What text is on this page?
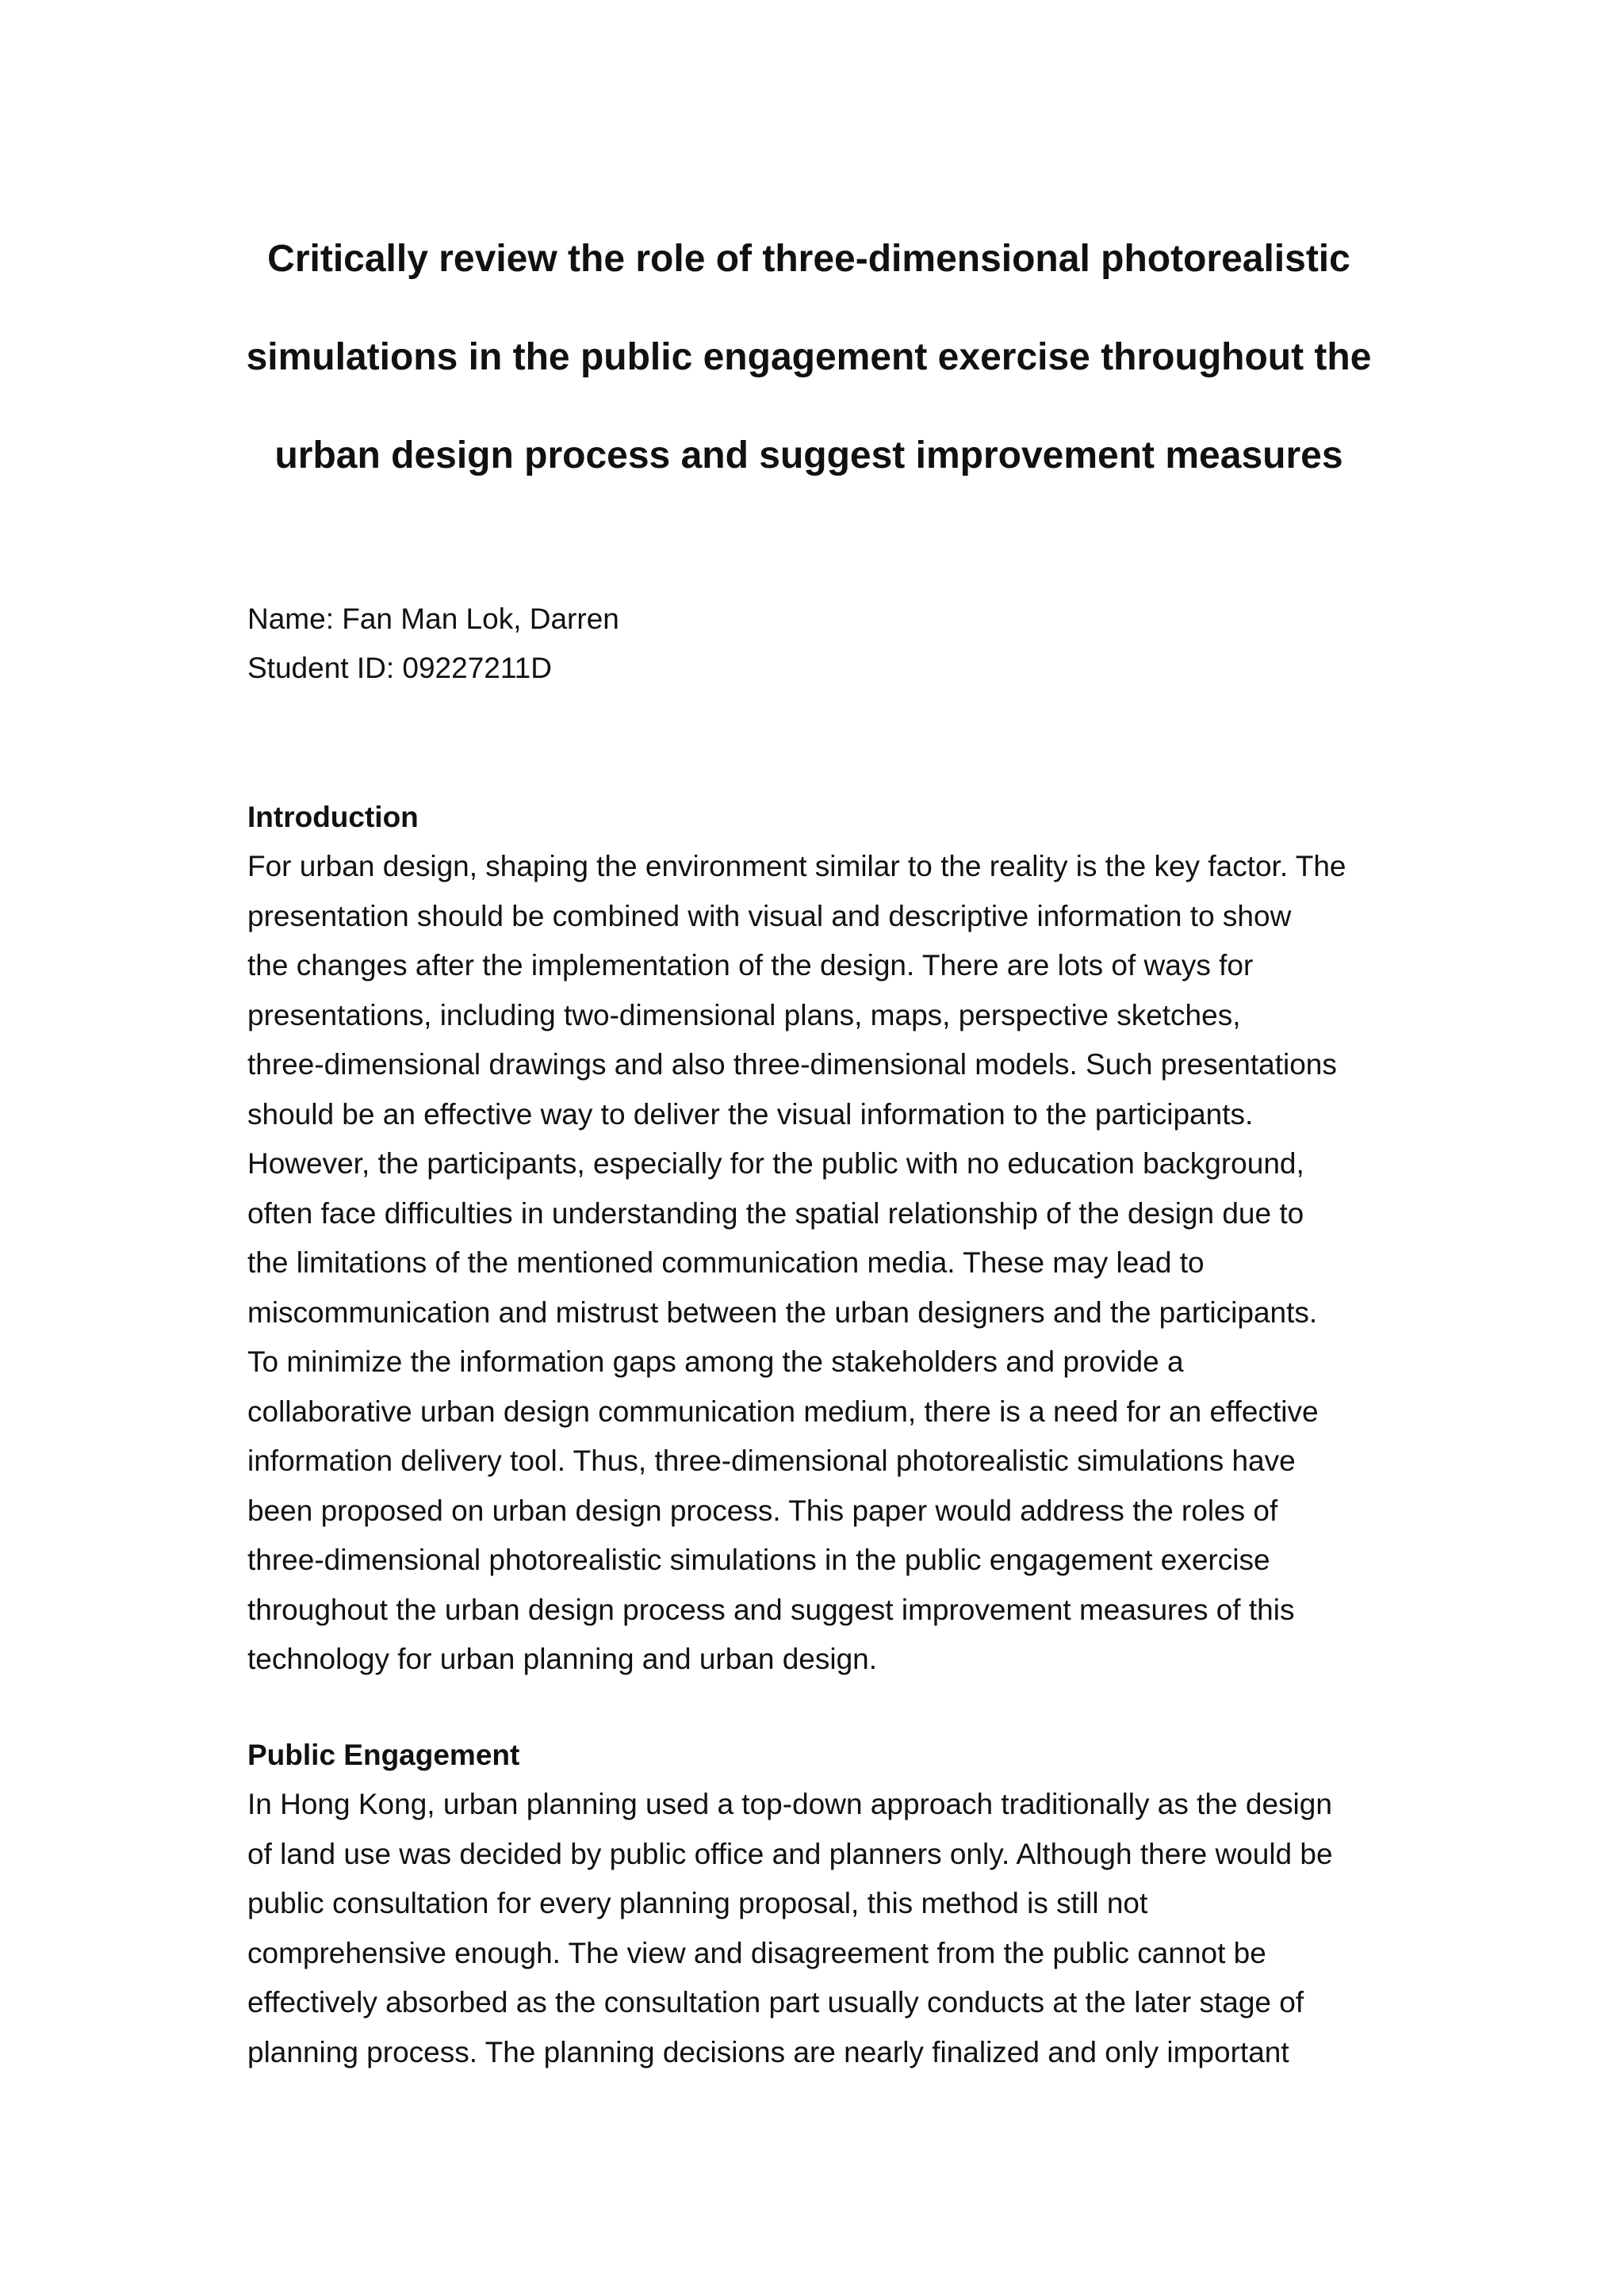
Critically review the role of three-dimensional photorealistic
simulations in the public engagement exercise throughout the
urban design process and suggest improvement measures
Name: Fan Man Lok, Darren
Student ID: 09227211D
Introduction
For urban design, shaping the environment similar to the reality is the key factor. The
presentation should be combined with visual and descriptive information to show
the changes after the implementation of the design. There are lots of ways for
presentations, including two-dimensional plans, maps, perspective sketches,
three-dimensional drawings and also three-dimensional models. Such presentations
should be an effective way to deliver the visual information to the participants.
However, the participants, especially for the public with no education background,
often face difficulties in understanding the spatial relationship of the design due to
the limitations of the mentioned communication media. These may lead to
miscommunication and mistrust between the urban designers and the participants.
To minimize the information gaps among the stakeholders and provide a
collaborative urban design communication medium, there is a need for an effective
information delivery tool. Thus, three-dimensional photorealistic simulations have
been proposed on urban design process. This paper would address the roles of
three-dimensional photorealistic simulations in the public engagement exercise
throughout the urban design process and suggest improvement measures of this
technology for urban planning and urban design.
Public Engagement
In Hong Kong, urban planning used a top-down approach traditionally as the design
of land use was decided by public office and planners only. Although there would be
public consultation for every planning proposal, this method is still not
comprehensive enough. The view and disagreement from the public cannot be
effectively absorbed as the consultation part usually conducts at the later stage of
planning process. The planning decisions are nearly finalized and only important
